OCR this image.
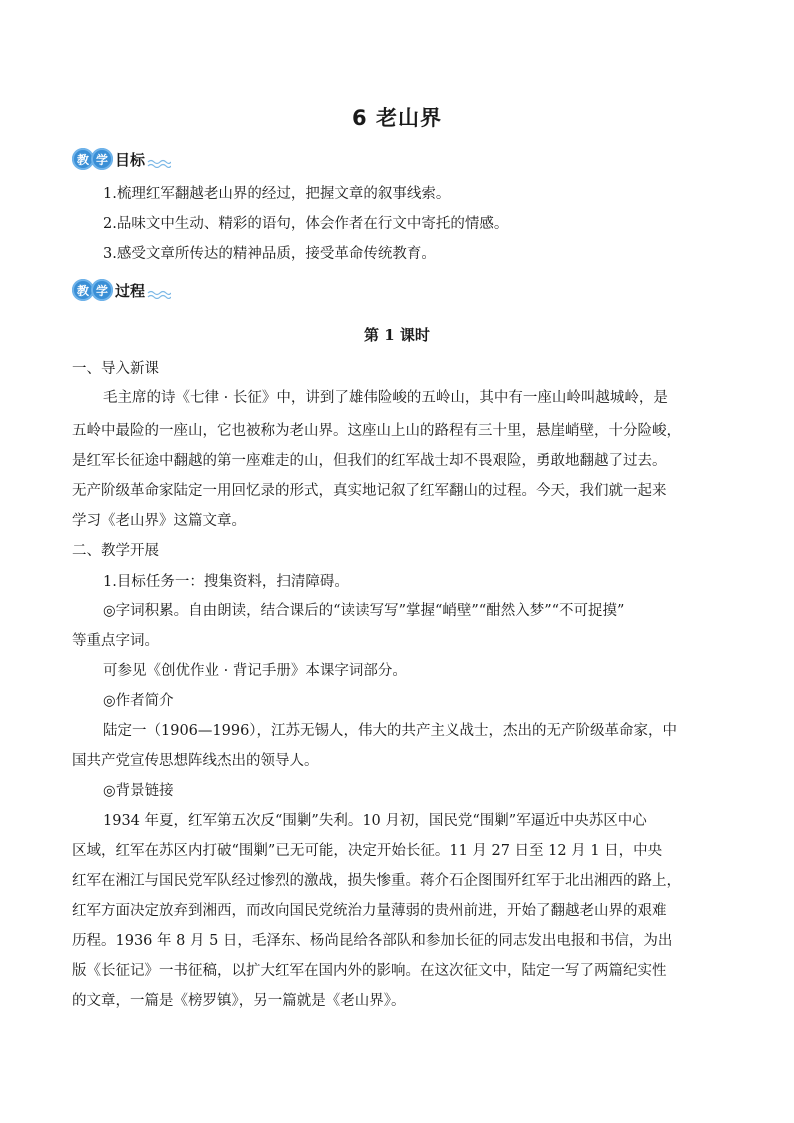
6 老山界
教 学 目标
1.梳理红军翻越老山界的经过，把握文章的叙事线索。
2.品味文中生动、精彩的语句，体会作者在行文中寄托的情感。
3.感受文章所传达的精神品质，接受革命传统教育。
教 学 过程
第 1 课时
一、导入新课
毛主席的诗《七律 · 长征》中，讲到了雄伟险峻的五岭山，其中有一座山岭叫越城岭，是
五岭中最险的一座山，它也被称为老山界。这座山上山的路程有三十里，悬崖峭壁，十分险峻，
是红军长征途中翻越的第一座难走的山，但我们的红军战士却不畏艰险，勇敢地翻越了过去。
无产阶级革命家陆定一用回忆录的形式，真实地记叙了红军翻山的过程。今天，我们就一起来
学习《老山界》这篇文章。
二、教学开展
1.目标任务一：搜集资料，扫清障碍。
◎字词积累。自由朗读，结合课后的“读读写写”掌握“峭壁”“酣然入梦”“不可捉摸”
等重点字词。
可参见《创优作业 · 背记手册》本课字词部分。
◎作者简介
陆定一（1906—1996），江苏无锡人，伟大的共产主义战士，杰出的无产阶级革命家，中
国共产党宣传思想阵线杰出的领导人。
◎背景链接
1934 年夏，红军第五次反“围剿”失利。10 月初，国民党“围剿”军逼近中央苏区中心
区域，红军在苏区内打破“围剿”已无可能，决定开始长征。11 月 27 日至 12 月 1 日，中央
红军在湘江与国民党军队经过惨烈的激战，损失惨重。蒋介石企图围歼红军于北出湘西的路上，
红军方面决定放弃到湘西，而改向国民党统治力量薄弱的贵州前进，开始了翻越老山界的艰难
历程。1936 年 8 月 5 日，毛泽东、杨尚昆给各部队和参加长征的同志发出电报和书信，为出
版《长征记》一书征稿，以扩大红军在国内外的影响。在这次征文中，陆定一写了两篇纪实性
的文章，一篇是《榜罗镇》，另一篇就是《老山界》。
